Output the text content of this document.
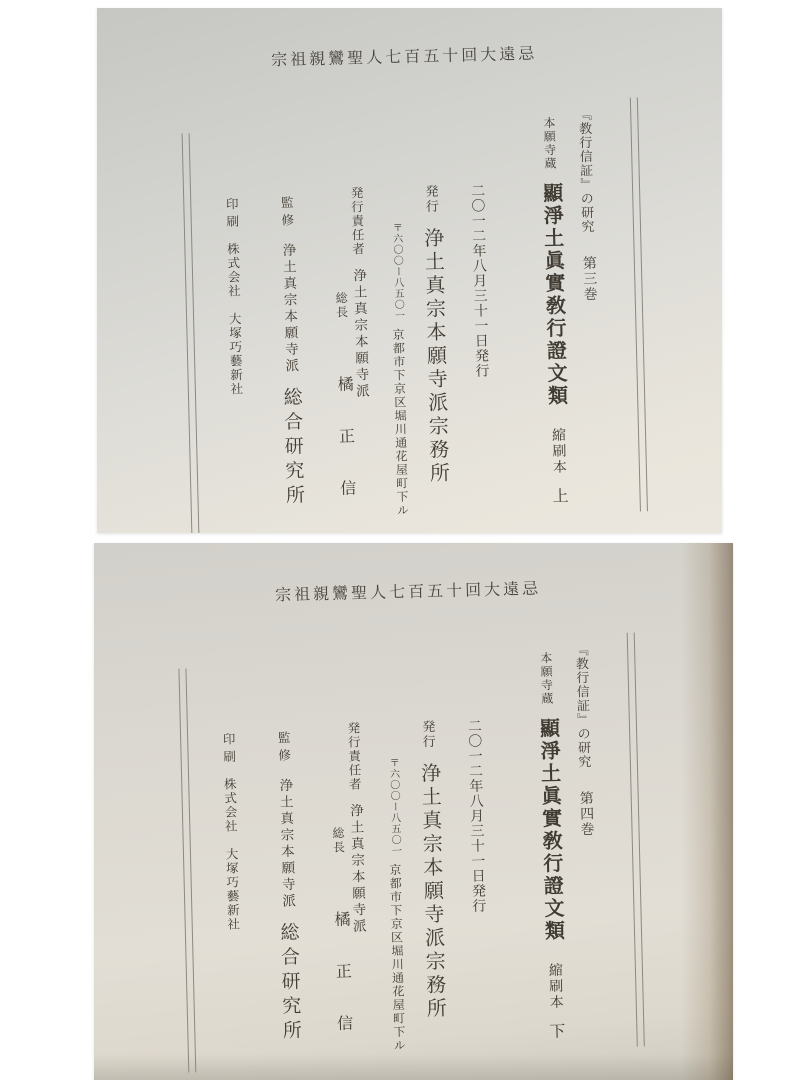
宗祖親鸞聖人七百五十回大遠忌
『教行信証』の研究
第三巻
本願寺蔵
顯淨土眞實敎行證文類
縮刷本
上
二〇一二年八月三十一日発行
発行
浄土真宗本願寺派宗務所
〒六〇〇ー八五〇一
京都市下京区堀川通花屋町下ル
発行責任者
浄土真宗本願寺派
総長
橘　正　信
監修
浄土真宗本願寺派
総合研究所
印刷
株式会社　大塚巧藝新社
宗祖親鸞聖人七百五十回大遠忌
『教行信証』の研究
第四巻
本願寺蔵
顯淨土眞實敎行證文類
縮刷本
下
二〇一二年八月三十一日発行
発行
浄土真宗本願寺派宗務所
〒六〇〇ー八五〇一
京都市下京区堀川通花屋町下ル
発行責任者
浄土真宗本願寺派
総長
橘　正　信
監修
浄土真宗本願寺派
総合研究所
印刷
株式会社　大塚巧藝新社
